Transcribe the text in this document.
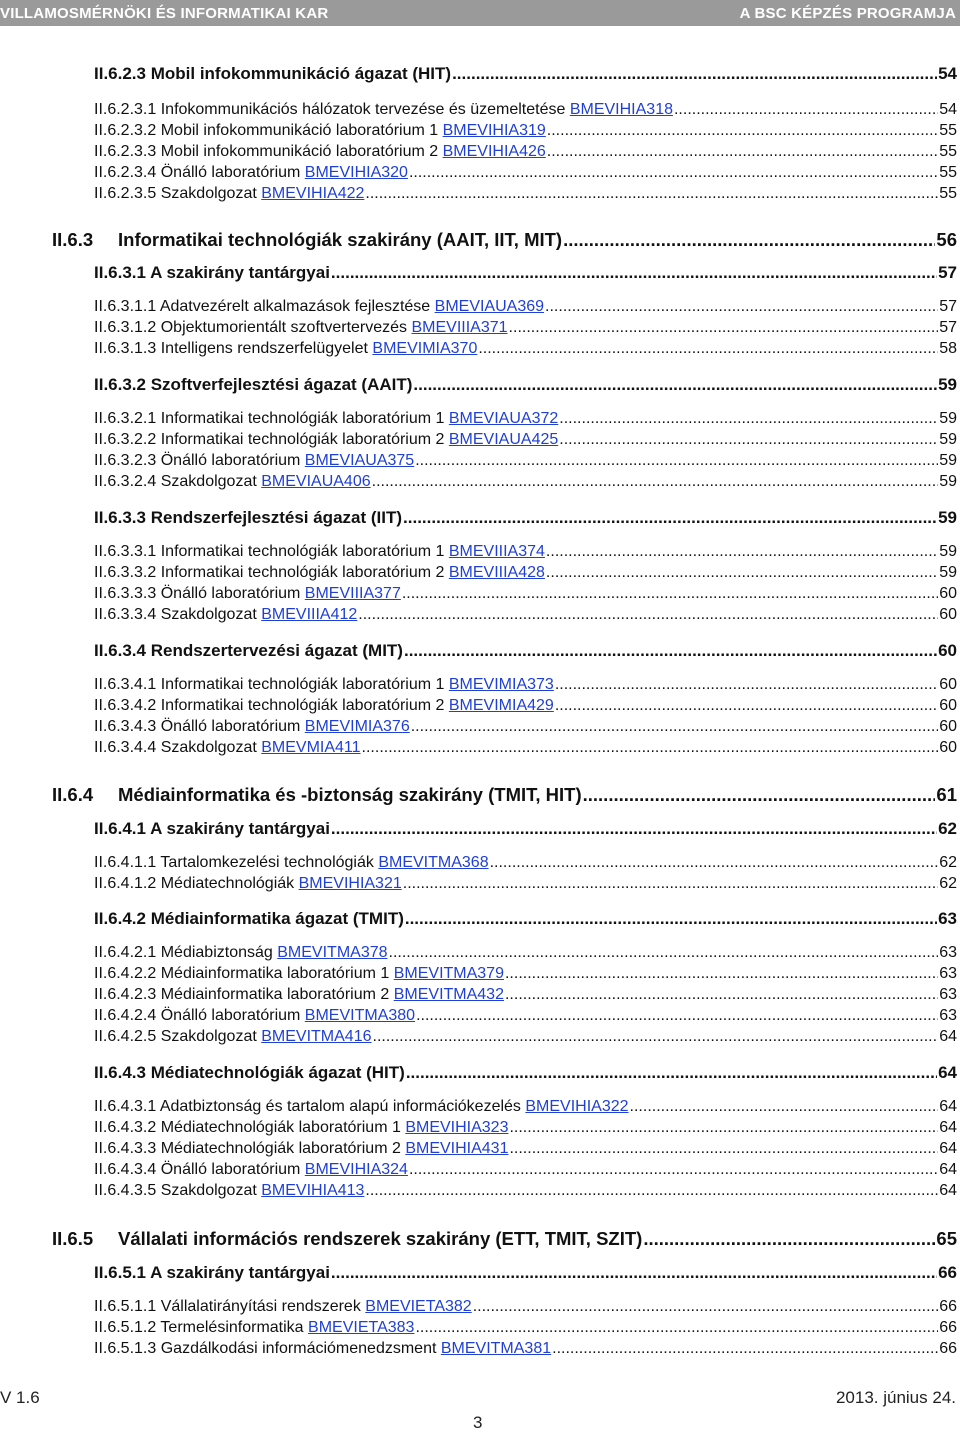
VILLAMOSMÉRNÖKI ÉS INFORMATIKAI KAR	A BSC KÉPZÉS PROGRAMJA
II.6.2.3 Mobil infokommunikáció ágazat (HIT) .....	54
II.6.2.3.1 Infokommunikációs hálózatok tervezése és üzemeltetése BMEVIHIA318 .....	54
II.6.2.3.2 Mobil infokommunikáció laboratórium 1 BMEVIHIA319 .....	55
II.6.2.3.3 Mobil infokommunikáció laboratórium 2 BMEVIHIA426 .....	55
II.6.2.3.4 Önálló laboratórium BMEVIHIA320 .....	55
II.6.2.3.5 Szakdolgozat BMEVIHIA422 .....	55
II.6.3 Informatikai technológiák szakirány (AAIT, IIT, MIT) .....	56
II.6.3.1 A szakirány tantárgyai .....	57
II.6.3.1.1 Adatvezérelt alkalmazások fejlesztése BMEVIAUA369 .....	57
II.6.3.1.2 Objektumorientált szoftvertervezés BMEVIIIA371 .....	57
II.6.3.1.3 Intelligens rendszerfelügyelet BMEVIMIA370 .....	58
II.6.3.2 Szoftverfejlesztési ágazat (AAIT) .....	59
II.6.3.2.1 Informatikai technológiák laboratórium 1 BMEVIAUA372 .....	59
II.6.3.2.2 Informatikai technológiák laboratórium 2 BMEVIAUA425 .....	59
II.6.3.2.3 Önálló laboratórium BMEVIAUA375 .....	59
II.6.3.2.4 Szakdolgozat BMEVIAUA406 .....	59
II.6.3.3 Rendszerfejlesztési ágazat (IIT) .....	59
II.6.3.3.1 Informatikai technológiák laboratórium 1 BMEVIIIA374 .....	59
II.6.3.3.2 Informatikai technológiák laboratórium 2 BMEVIIIA428 .....	59
II.6.3.3.3 Önálló laboratórium BMEVIIIA377 .....	60
II.6.3.3.4 Szakdolgozat BMEVIIIA412 .....	60
II.6.3.4 Rendszertervezési ágazat (MIT) .....	60
II.6.3.4.1 Informatikai technológiák laboratórium 1 BMEVIMIA373 .....	60
II.6.3.4.2 Informatikai technológiák laboratórium 2 BMEVIMIA429 .....	60
II.6.3.4.3 Önálló laboratórium BMEVIMIA376 .....	60
II.6.3.4.4 Szakdolgozat BMEVMIA411 .....	60
II.6.4 Médiainformatika és -biztonság szakirány (TMIT, HIT) .....	61
II.6.4.1 A szakirány tantárgyai .....	62
II.6.4.1.1 Tartalomkezelési technológiák BMEVITMA368 .....	62
II.6.4.1.2 Médiatechnológiák BMEVIHIA321 .....	62
II.6.4.2 Médiainformatika ágazat (TMIT) .....	63
II.6.4.2.1 Médiabiztonság BMEVITMA378 .....	63
II.6.4.2.2 Médiainformatika laboratórium 1 BMEVITMA379 .....	63
II.6.4.2.3 Médiainformatika laboratórium 2 BMEVITMA432 .....	63
II.6.4.2.4 Önálló laboratórium BMEVITMA380 .....	63
II.6.4.2.5 Szakdolgozat BMEVITMA416 .....	64
II.6.4.3 Médiatechnológiák ágazat (HIT) .....	64
II.6.4.3.1 Adatbiztonság és tartalom alapú információkezelés BMEVIHIA322 .....	64
II.6.4.3.2 Médiatechnológiák laboratórium 1 BMEVIHIA323 .....	64
II.6.4.3.3 Médiatechnológiák laboratórium 2 BMEVIHIA431 .....	64
II.6.4.3.4 Önálló laboratórium BMEVIHIA324 .....	64
II.6.4.3.5 Szakdolgozat BMEVIHIA413 .....	64
II.6.5 Vállalati információs rendszerek szakirány (ETT, TMIT, SZIT) .....	65
II.6.5.1 A szakirány tantárgyai .....	66
II.6.5.1.1 Vállalatirányítási rendszerek BMEVIETA382 .....	66
II.6.5.1.2 Termelésinformatika BMEVIETA383 .....	66
II.6.5.1.3 Gazdálkodási információmenedzsment BMEVITMA381 .....	66
V 1.6	2013. június 24.
3
